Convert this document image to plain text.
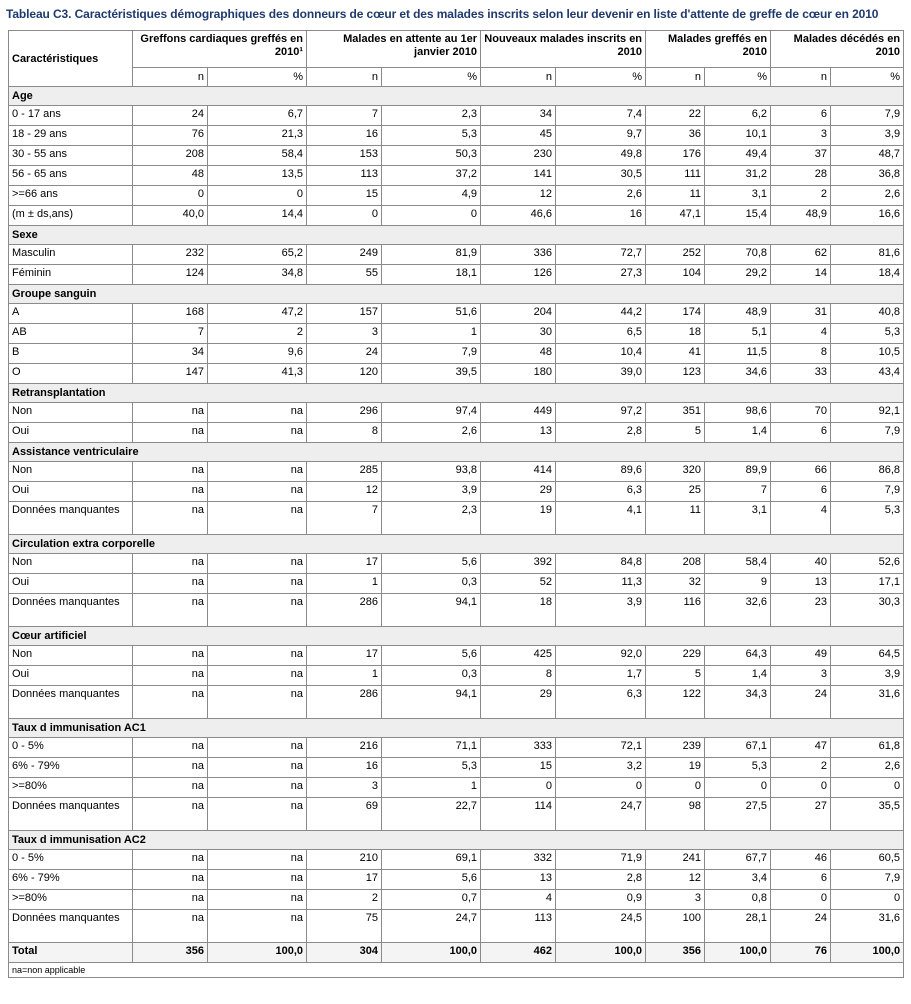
Tableau C3. Caractéristiques démographiques des donneurs de cœur et des malades inscrits selon leur devenir en liste d'attente de greffe de cœur en 2010
Caractéristiques	Greffons cardiaques greffés en 2010¹		Malades en attente au 1er janvier 2010		Nouveaux malades inscrits en 2010		Malades greffés en 2010		Malades décédés en 2010	
	n	%	n	%	n	%	n	%	n	%
Age										
0 - 17 ans	24	6,7	7	2,3	34	7,4	22	6,2	6	7,9
18 - 29 ans	76	21,3	16	5,3	45	9,7	36	10,1	3	3,9
30 - 55 ans	208	58,4	153	50,3	230	49,8	176	49,4	37	48,7
56 - 65 ans	48	13,5	113	37,2	141	30,5	111	31,2	28	36,8
>=66 ans	0	0	15	4,9	12	2,6	11	3,1	2	2,6
(m ± ds,ans)	40,0	14,4	0	0	46,6	16	47,1	15,4	48,9	16,6
Sexe										
Masculin	232	65,2	249	81,9	336	72,7	252	70,8	62	81,6
Féminin	124	34,8	55	18,1	126	27,3	104	29,2	14	18,4
Groupe sanguin										
A	168	47,2	157	51,6	204	44,2	174	48,9	31	40,8
AB	7	2	3	1	30	6,5	18	5,1	4	5,3
B	34	9,6	24	7,9	48	10,4	41	11,5	8	10,5
O	147	41,3	120	39,5	180	39,0	123	34,6	33	43,4
Retransplantation										
Non	na	na	296	97,4	449	97,2	351	98,6	70	92,1
Oui	na	na	8	2,6	13	2,8	5	1,4	6	7,9
Assistance ventriculaire										
Non	na	na	285	93,8	414	89,6	320	89,9	66	86,8
Oui	na	na	12	3,9	29	6,3	25	7	6	7,9
Données manquantes	na	na	7	2,3	19	4,1	11	3,1	4	5,3
Circulation extra corporelle										
Non	na	na	17	5,6	392	84,8	208	58,4	40	52,6
Oui	na	na	1	0,3	52	11,3	32	9	13	17,1
Données manquantes	na	na	286	94,1	18	3,9	116	32,6	23	30,3
Cœur artificiel										
Non	na	na	17	5,6	425	92,0	229	64,3	49	64,5
Oui	na	na	1	0,3	8	1,7	5	1,4	3	3,9
Données manquantes	na	na	286	94,1	29	6,3	122	34,3	24	31,6
Taux d immunisation AC1										
0 - 5%	na	na	216	71,1	333	72,1	239	67,1	47	61,8
6% - 79%	na	na	16	5,3	15	3,2	19	5,3	2	2,6
>=80%	na	na	3	1	0	0	0	0	0	0
Données manquantes	na	na	69	22,7	114	24,7	98	27,5	27	35,5
Taux d immunisation AC2										
0 - 5%	na	na	210	69,1	332	71,9	241	67,7	46	60,5
6% - 79%	na	na	17	5,6	13	2,8	12	3,4	6	7,9
>=80%	na	na	2	0,7	4	0,9	3	0,8	0	0
Données manquantes	na	na	75	24,7	113	24,5	100	28,1	24	31,6
Total	356	100,0	304	100,0	462	100,0	356	100,0	76	100,0
na=non applicable										
